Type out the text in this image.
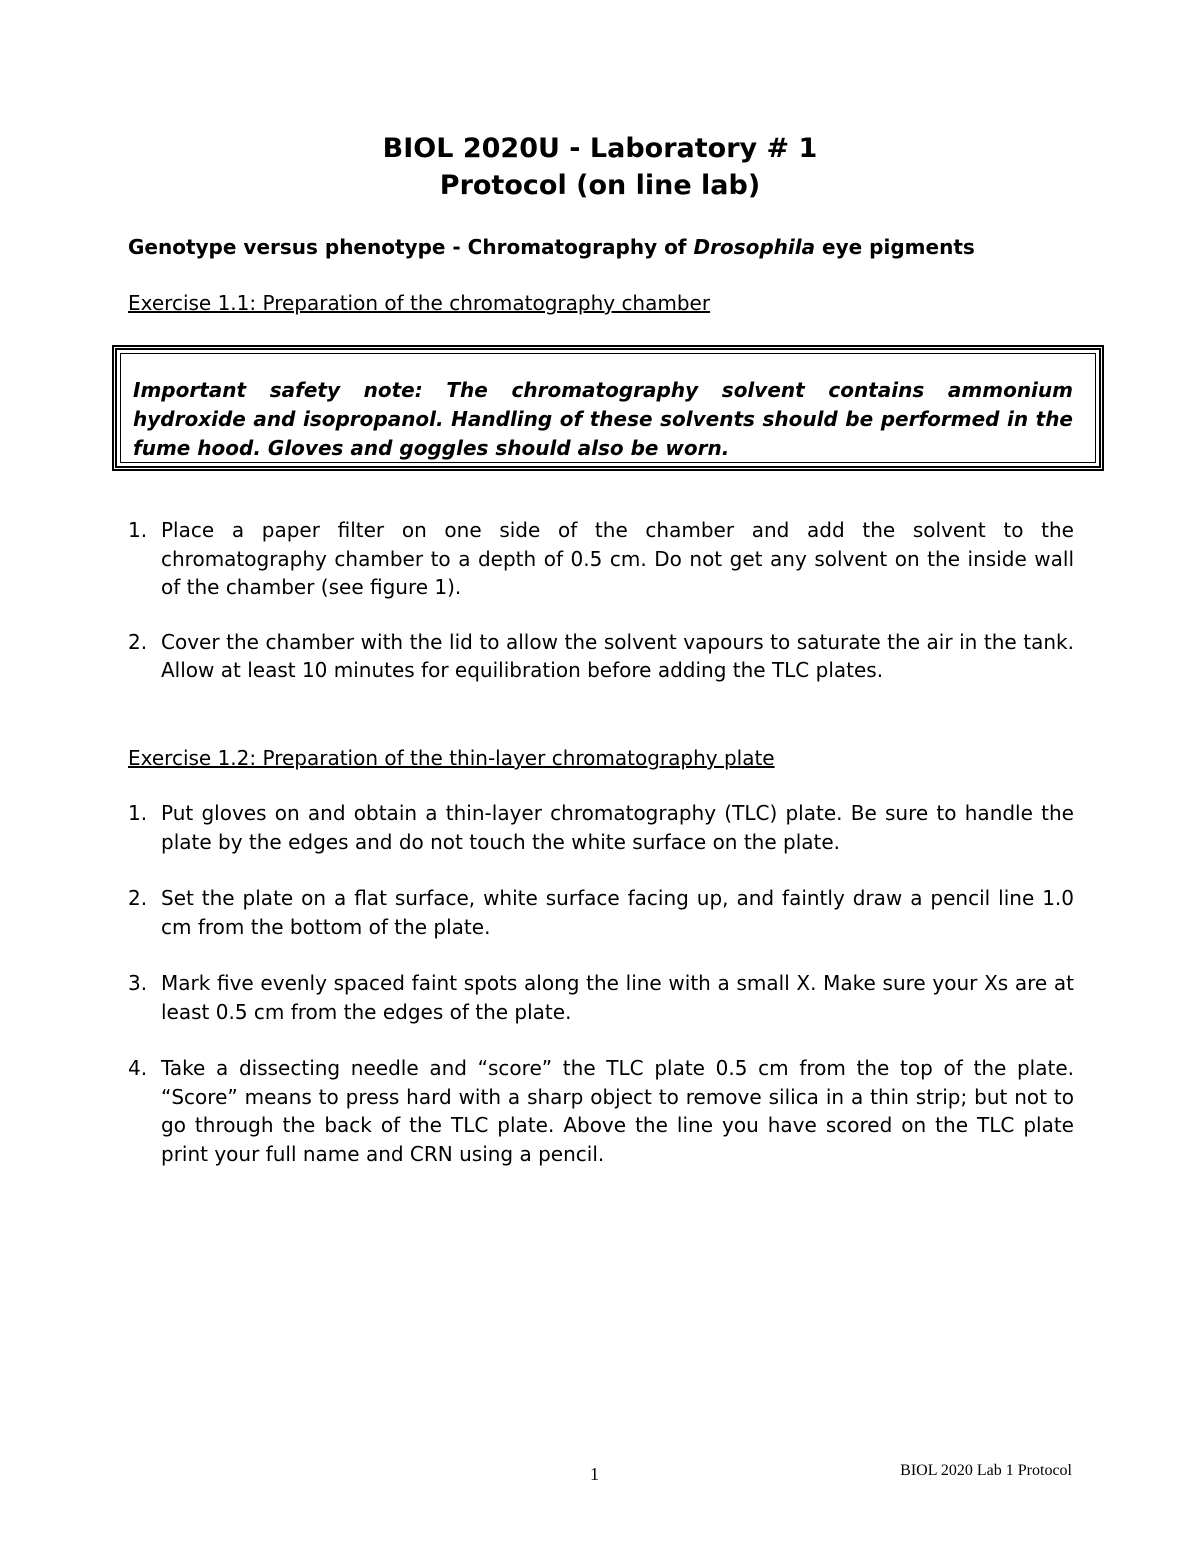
BIOL 2020U - Laboratory # 1
Protocol (on line lab)
Genotype versus phenotype - Chromatography of Drosophila eye pigments
Exercise 1.1: Preparation of the chromatography chamber
Important safety note: The chromatography solvent contains ammonium hydroxide and isopropanol. Handling of these solvents should be performed in the fume hood. Gloves and goggles should also be worn.
1. Place a paper filter on one side of the chamber and add the solvent to the chromatography chamber to a depth of 0.5 cm. Do not get any solvent on the inside wall of the chamber (see figure 1).
2. Cover the chamber with the lid to allow the solvent vapours to saturate the air in the tank. Allow at least 10 minutes for equilibration before adding the TLC plates.
Exercise 1.2: Preparation of the thin-layer chromatography plate
1. Put gloves on and obtain a thin-layer chromatography (TLC) plate. Be sure to handle the plate by the edges and do not touch the white surface on the plate.
2. Set the plate on a flat surface, white surface facing up, and faintly draw a pencil line 1.0 cm from the bottom of the plate.
3. Mark five evenly spaced faint spots along the line with a small X. Make sure your Xs are at least 0.5 cm from the edges of the plate.
4. Take a dissecting needle and “score” the TLC plate 0.5 cm from the top of the plate. “Score” means to press hard with a sharp object to remove silica in a thin strip; but not to go through the back of the TLC plate. Above the line you have scored on the TLC plate print your full name and CRN using a pencil.
1	BIOL 2020 Lab 1 Protocol
